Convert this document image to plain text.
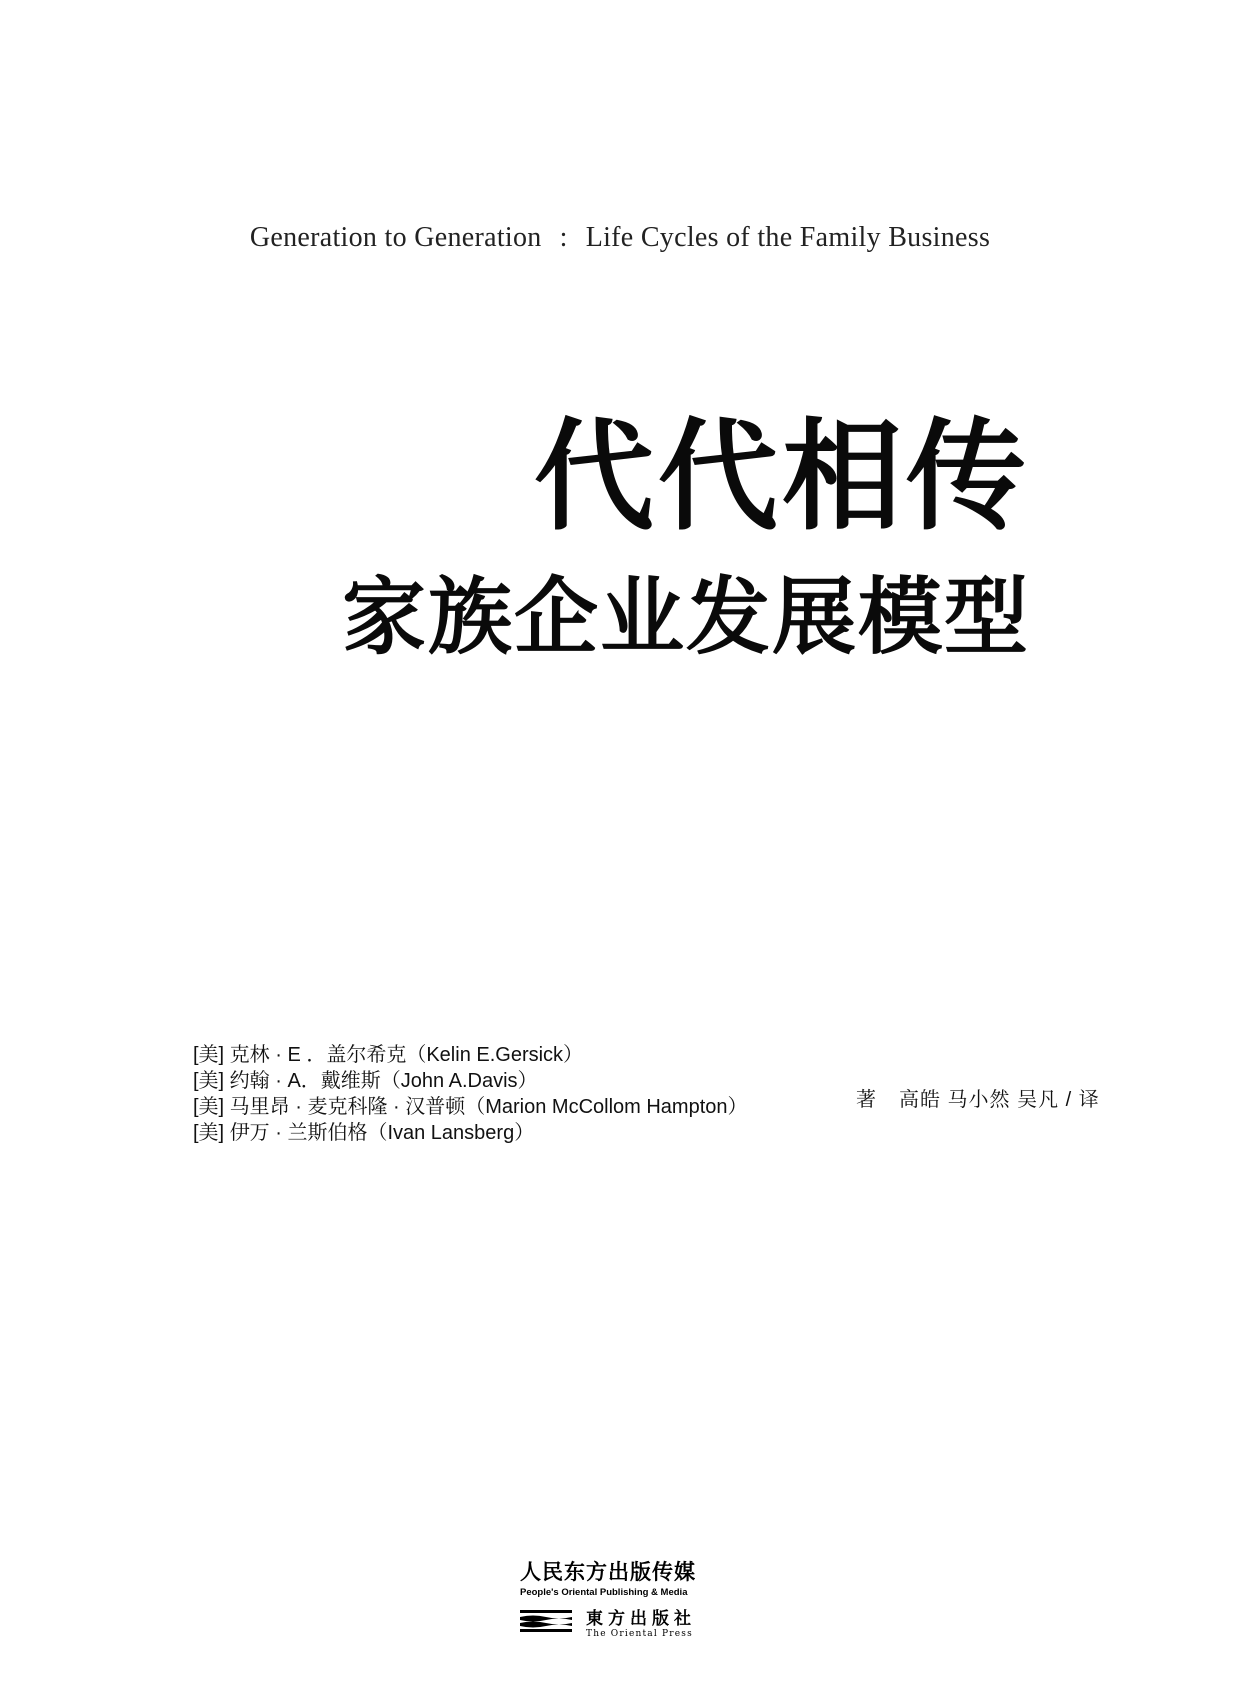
Generation to Generation : Life Cycles of the Family Business
代代相传
家族企业发展模型
[美] 克林 · E ．盖尔希克（Kelin E.Gersick）
[美] 约翰 · A．戴维斯（John A.Davis）
[美] 马里昂 · 麦克科隆 · 汉普顿（Marion McCollom Hampton）
[美] 伊万 · 兰斯伯格（Ivan Lansberg）
著 高皓 马小然 吴凡 / 译
人民东方出版传媒
People's Oriental Publishing & Media
東方出版社
The Oriental Press
